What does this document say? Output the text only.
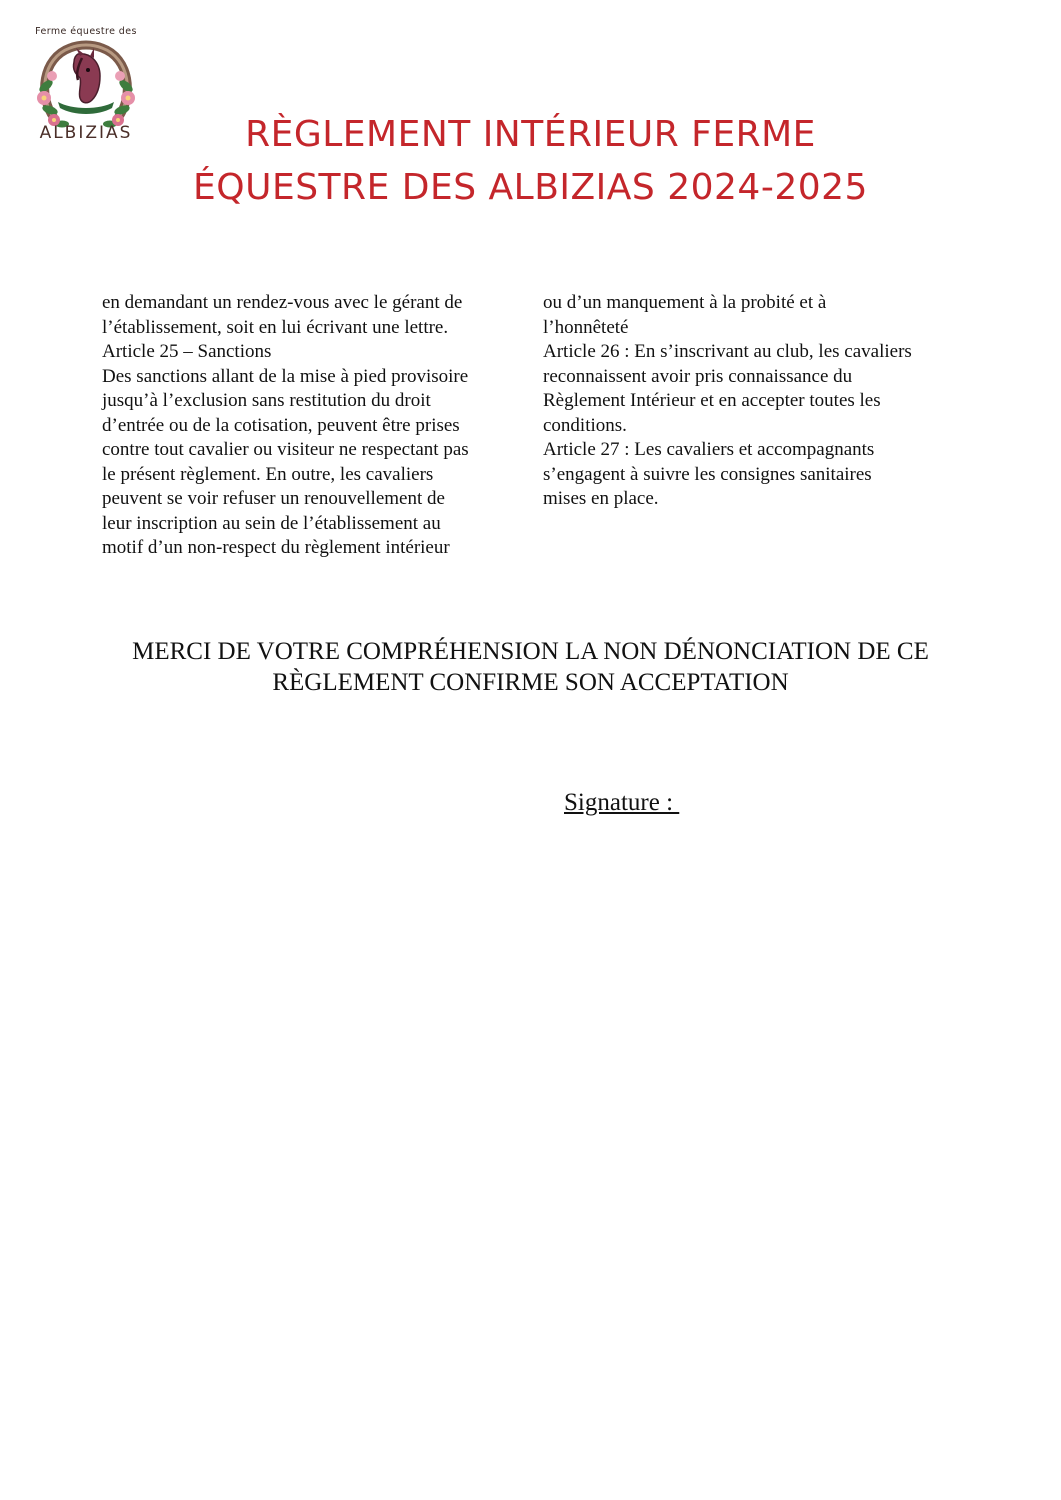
Ferme équestre des
ALBIZIAS	RÈGLEMENT INTÉRIEUR FERME
ÉQUESTRE DES ALBIZIAS 2024-2025

en demandant un rendez-vous avec le gérant de

l’établissement, soit en lui écrivant une lettre.

Article 25 – Sanctions

Des sanctions allant de la mise à pied provisoire

jusqu’à l’exclusion sans restitution du droit

d’entrée ou de la cotisation, peuvent être prises

contre tout cavalier ou visiteur ne respectant pas

le présent règlement. En outre, les cavaliers

peuvent se voir refuser un renouvellement de

leur inscription au sein de l’établissement au

motif d’un non-respect du règlement intérieur

ou d’un manquement à la probité et à

l’honnêteté

Article 26 : En s’inscrivant au club, les cavaliers

reconnaissent avoir pris connaissance du

Règlement Intérieur et en accepter toutes les

conditions.

Article 27 : Les cavaliers et accompagnants

s’engagent à suivre les consignes sanitaires

mises en place.

MERCI DE VOTRE COMPRÉHENSION LA NON DÉNONCIATION DE CE
RÈGLEMENT CONFIRME SON ACCEPTATION

Signature :
